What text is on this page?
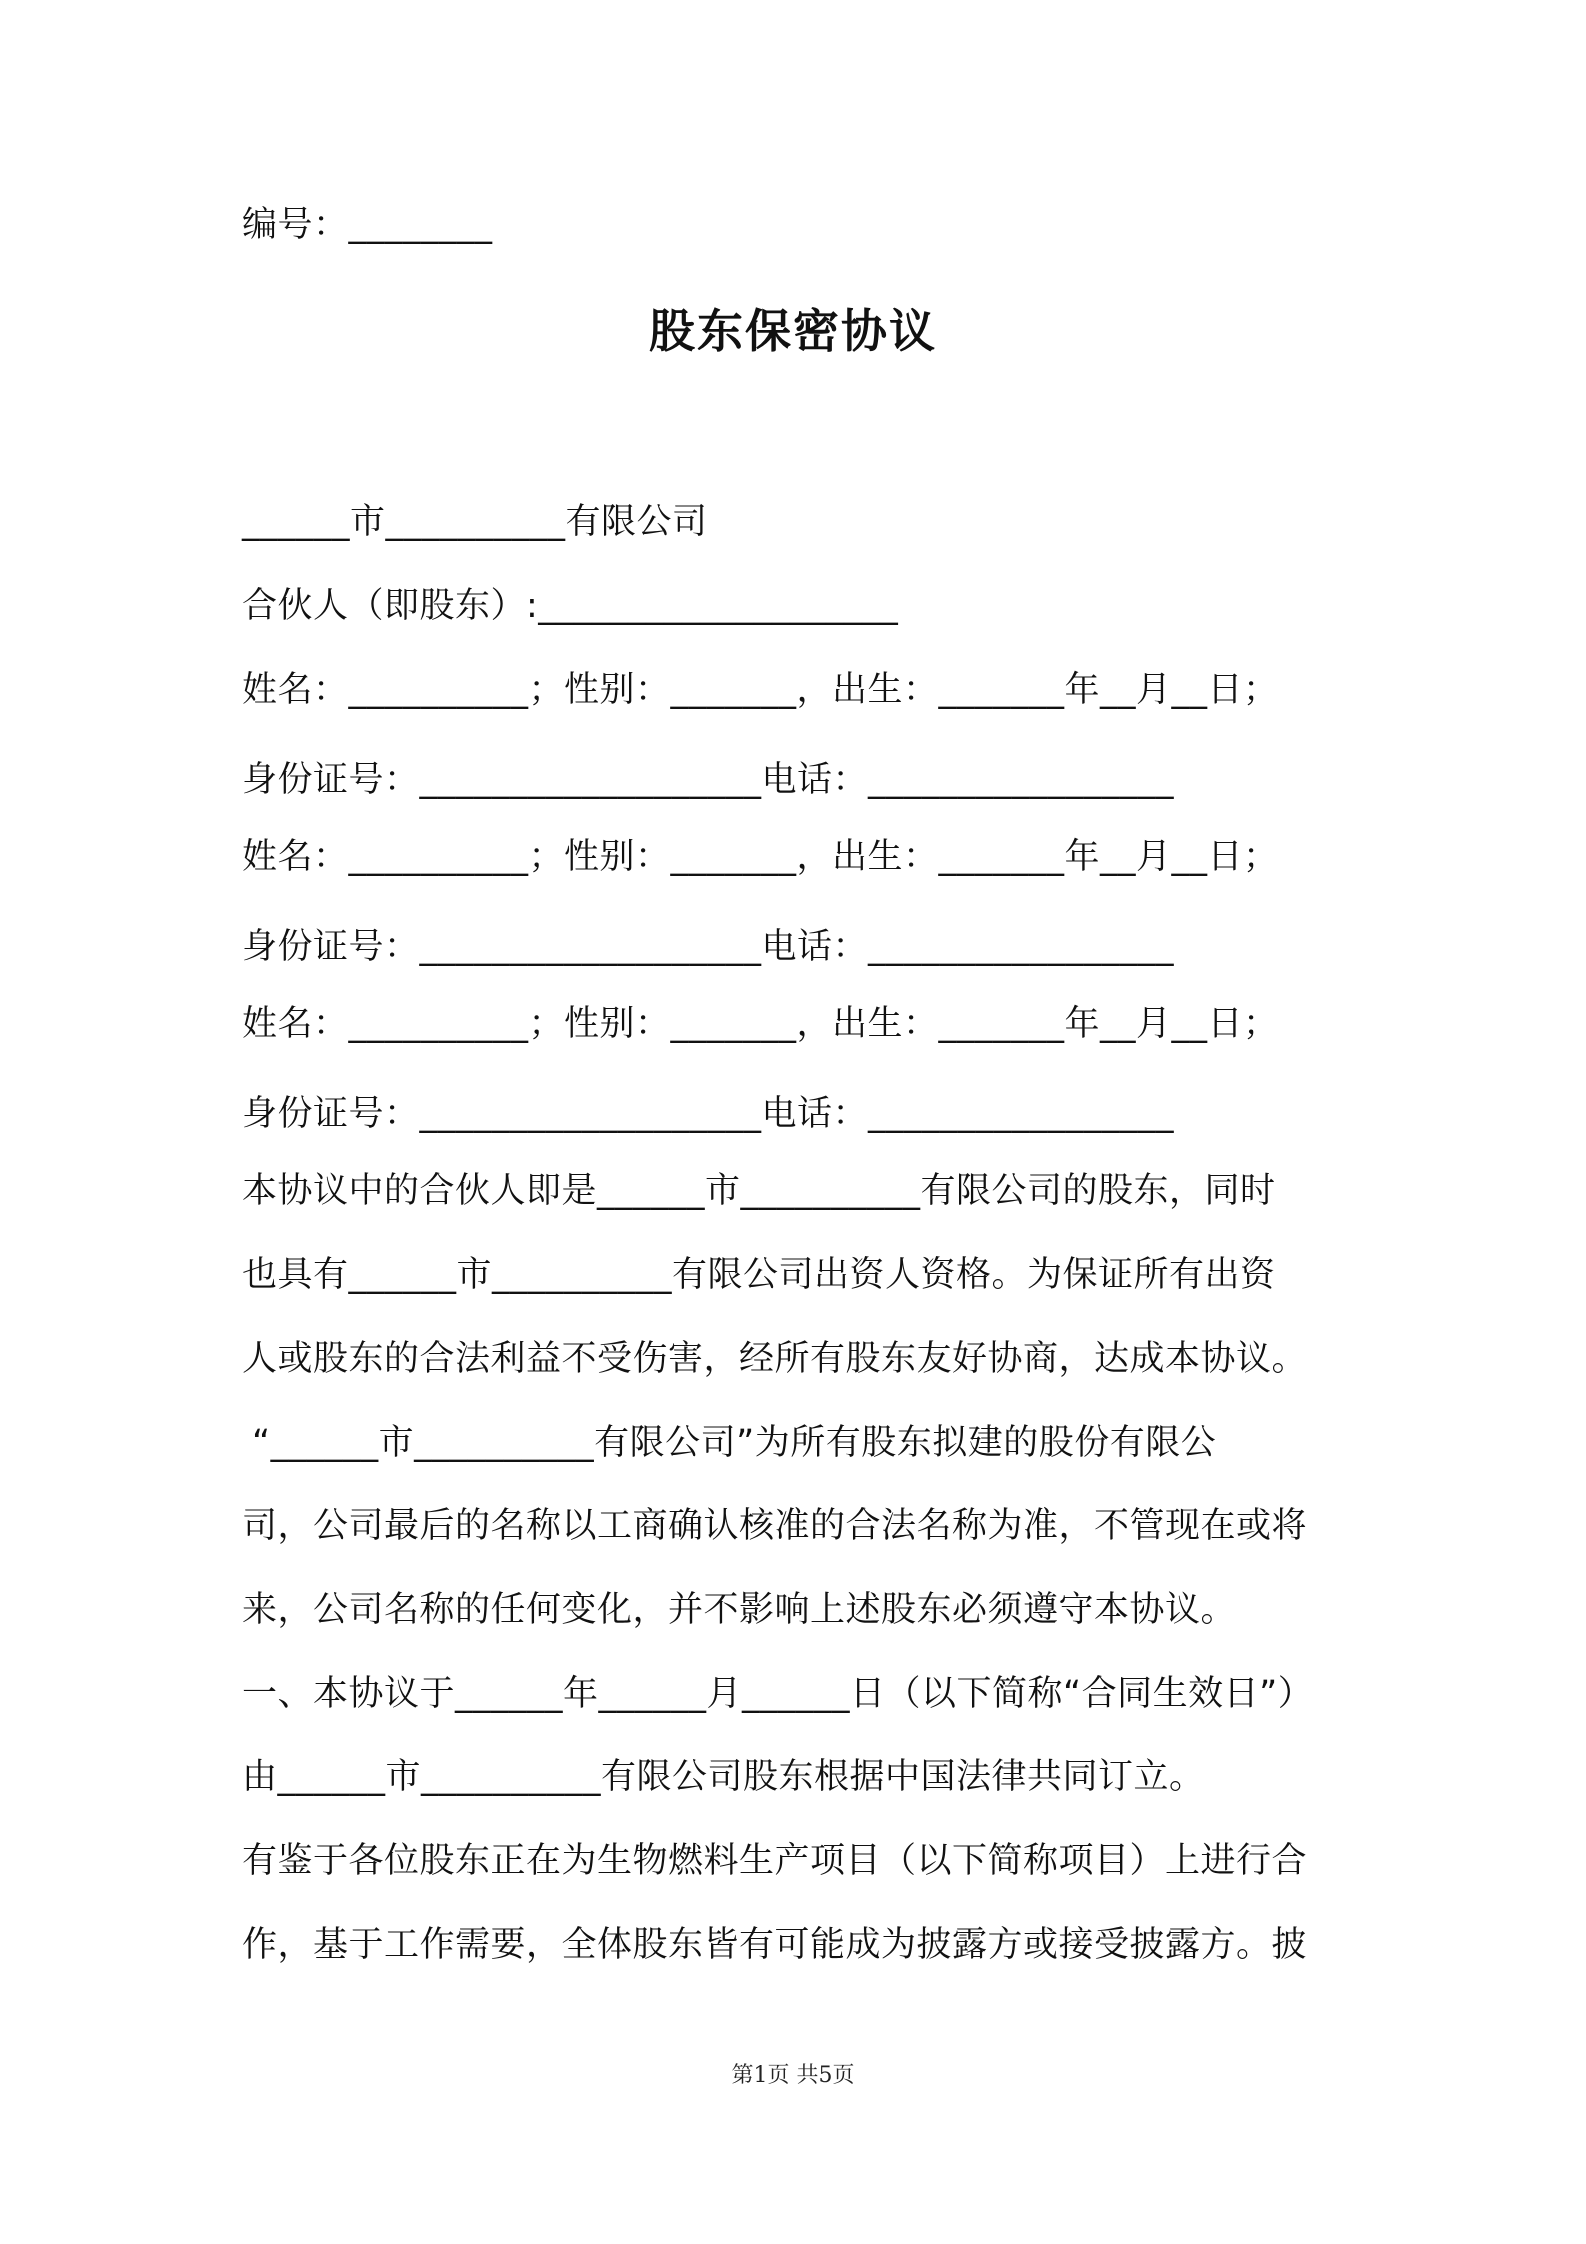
编号：________
股东保密协议
______市__________有限公司
合伙人（即股东）:____________________
姓名：__________；性别：_______，出生：_______年__月__日；
身份证号：___________________电话：_________________
姓名：__________；性别：_______，出生：_______年__月__日；
身份证号：___________________电话：_________________
姓名：__________；性别：_______，出生：_______年__月__日；
身份证号：___________________电话：_________________
本协议中的合伙人即是______市__________有限公司的股东，同时
也具有______市__________有限公司出资人资格。为保证所有出资
人或股东的合法利益不受伤害，经所有股东友好协商，达成本协议。
“______市__________有限公司”为所有股东拟建的股份有限公
司，公司最后的名称以工商确认核准的合法名称为准，不管现在或将
来，公司名称的任何变化，并不影响上述股东必须遵守本协议。
一、本协议于______年______月______日（以下简称“合同生效日”）
由______市__________有限公司股东根据中国法律共同订立。
有鉴于各位股东正在为生物燃料生产项目（以下简称项目）上进行合
作，基于工作需要，全体股东皆有可能成为披露方或接受披露方。披
第1页 共5页
